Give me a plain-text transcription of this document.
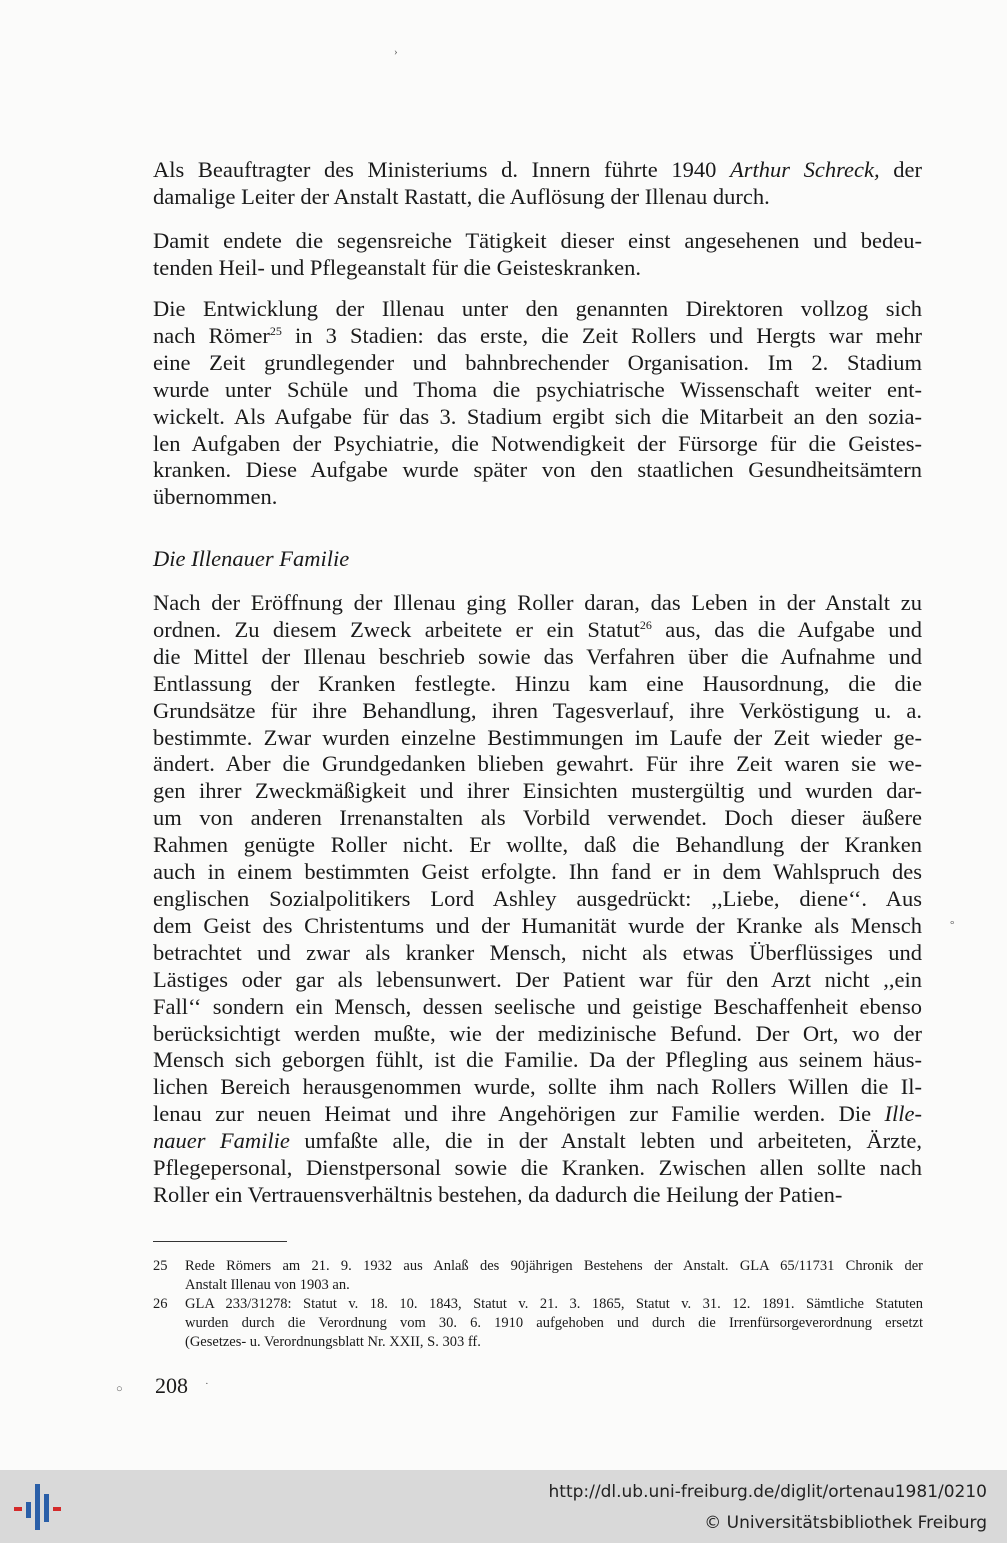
›
Als Beauftragter des Ministeriums d. Innern führte 1940 Arthur Schreck, der
damalige Leiter der Anstalt Rastatt, die Auflösung der Illenau durch.
Damit endete die segensreiche Tätigkeit dieser einst angesehenen und bedeu-
tenden Heil- und Pflegeanstalt für die Geisteskranken.
Die Entwicklung der Illenau unter den genannten Direktoren vollzog sich
nach Römer$^{25}$ in 3 Stadien: das erste, die Zeit Rollers und Hergts war mehr
eine Zeit grundlegender und bahnbrechender Organisation. Im 2. Stadium
wurde unter Schüle und Thoma die psychiatrische Wissenschaft weiter ent-
wickelt. Als Aufgabe für das 3. Stadium ergibt sich die Mitarbeit an den sozia-
len Aufgaben der Psychiatrie, die Notwendigkeit der Fürsorge für die Geistes-
kranken. Diese Aufgabe wurde später von den staatlichen Gesundheitsämtern
übernommen.
Die Illenauer Familie
Nach der Eröffnung der Illenau ging Roller daran, das Leben in der Anstalt zu
ordnen. Zu diesem Zweck arbeitete er ein Statut$^{26}$ aus, das die Aufgabe und
die Mittel der Illenau beschrieb sowie das Verfahren über die Aufnahme und
Entlassung der Kranken festlegte. Hinzu kam eine Hausordnung, die die
Grundsätze für ihre Behandlung, ihren Tagesverlauf, ihre Verköstigung u. a.
bestimmte. Zwar wurden einzelne Bestimmungen im Laufe der Zeit wieder ge-
ändert. Aber die Grundgedanken blieben gewahrt. Für ihre Zeit waren sie we-
gen ihrer Zweckmäßigkeit und ihrer Einsichten mustergültig und wurden dar-
um von anderen Irrenanstalten als Vorbild verwendet. Doch dieser äußere
Rahmen genügte Roller nicht. Er wollte, daß die Behandlung der Kranken
auch in einem bestimmten Geist erfolgte. Ihn fand er in dem Wahlspruch des
englischen Sozialpolitikers Lord Ashley ausgedrückt: ,,Liebe, diene‘‘. Aus
dem Geist des Christentums und der Humanität wurde der Kranke als Mensch
betrachtet und zwar als kranker Mensch, nicht als etwas Überflüssiges und
Lästiges oder gar als lebensunwert. Der Patient war für den Arzt nicht ,,ein
Fall‘‘ sondern ein Mensch, dessen seelische und geistige Beschaffenheit ebenso
berücksichtigt werden mußte, wie der medizinische Befund. Der Ort, wo der
Mensch sich geborgen fühlt, ist die Familie. Da der Pflegling aus seinem häus-
lichen Bereich herausgenommen wurde, sollte ihm nach Rollers Willen die Il-
lenau zur neuen Heimat und ihre Angehörigen zur Familie werden. Die Ille-
nauer Familie umfaßte alle, die in der Anstalt lebten und arbeiteten, Ärzte,
Pflegepersonal, Dienstpersonal sowie die Kranken. Zwischen allen sollte nach
Roller ein Vertrauensverhältnis bestehen, da dadurch die Heilung der Patien-
°
25 Rede Römers am 21. 9. 1932 aus Anlaß des 90jährigen Bestehens der Anstalt. GLA 65/11731 Chronik der
Anstalt Illenau von 1903 an.
26 GLA 233/31278: Statut v. 18. 10. 1843, Statut v. 21. 3. 1865, Statut v. 31. 12. 1891. Sämtliche Statuten
wurden durch die Verordnung vom 30. 6. 1910 aufgehoben und durch die Irrenfürsorgeverordnung ersetzt
(Gesetzes- u. Verordnungsblatt Nr. XXII, S. 303 ff.
○ 208 ·
http://dl.ub.uni-freiburg.de/diglit/ortenau1981/0210
© Universitätsbibliothek Freiburg
